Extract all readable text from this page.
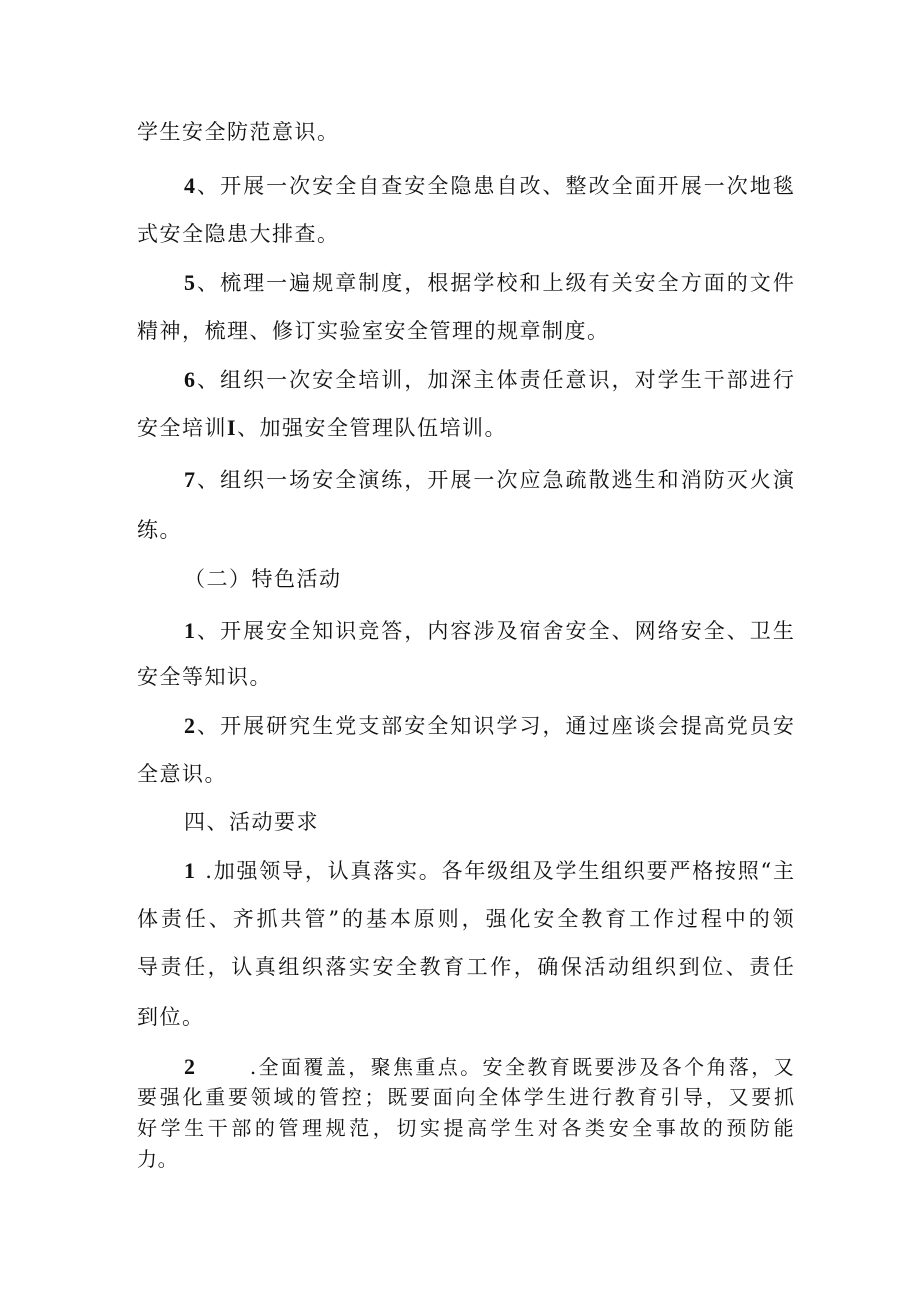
学生安全防范意识。
4 、 开 展 一 次 安 全 自 查 安 全 隐 患 自 改 、 整 改 全 面 开 展 一 次 地 毯
式安全隐患大排查。
5 、 梳 理 一 遍 规 章 制 度 ， 根 据 学 校 和 上 级 有 关 安 全 方 面 的 文 件
精神，梳理、修订实验室安全管理的规章制度。
6 、 组 织 一 次 安 全 培 训 ， 加 深 主 体 责 任 意 识 ， 对 学 生 干 部 进 行
安全培训I、加强安全管理队伍培训。
7 、 组 织 一 场 安 全 演 练 ， 开 展 一 次 应 急 疏 散 逃 生 和 消 防 灭 火 演
练。
（二）特色活动
1 、 开 展 安 全 知 识 竞 答 ， 内 容 涉 及 宿 舍 安 全 、 网 络 安 全 、 卫 生
安全等知识。
2 、 开 展 研 究 生 党 支 部 安 全 知 识 学 习 ， 通 过 座 谈 会 提 高 党 员 安
全意识。
四、活动要求
1
. 加 强 领 导 ， 认 真 落 实 。 各 年 级 组 及 学 生 组 织 要 严 格 按 照 “ 主
体 责 任 、 齐 抓 共 管 ” 的 基 本 原 则 ， 强 化 安 全 教 育 工 作 过 程 中 的 领
导 责 任 ， 认 真 组 织 落 实 安 全 教 育 工 作 ， 确 保 活 动 组 织 到 位 、 责 任
到位。
2

	. 全 面 覆 盖 ， 聚 焦 重 点 。 安 全 教 育 既 要 涉 及 各 个 角 落 ， 又
要 强 化 重 要 领 域 的 管 控 ； 既 要 面 向 全 体 学 生 进 行 教 育 引 导 ， 又 要 抓
好 学 生 干 部 的 管 理 规 范 ， 切 实 提 高 学 生 对 各 类 安 全 事 故 的 预 防 能
力。
